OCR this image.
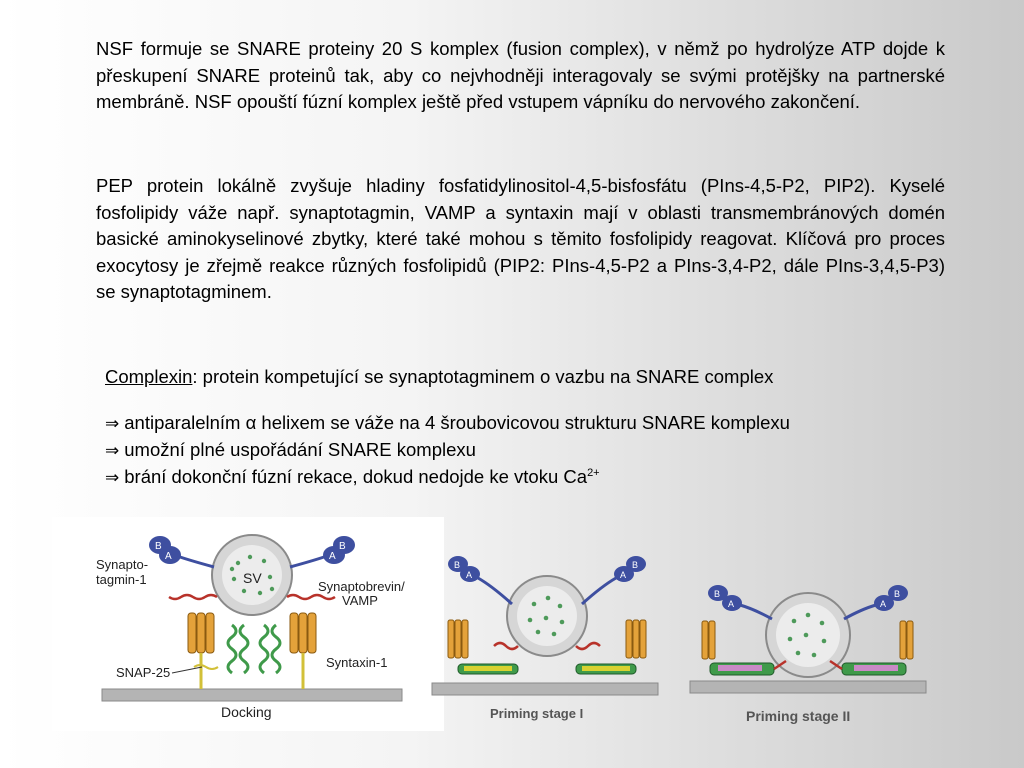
NSF formuje se SNARE proteiny 20 S komplex (fusion complex), v němž po hydrolýze ATP dojde k přeskupení SNARE proteinů tak, aby co nejvhodněji interagovaly se svými protějšky na partnerské membráně. NSF opouští fúzní komplex ještě před vstupem vápníku do nervového zakončení.
PEP protein lokálně zvyšuje hladiny fosfatidylinositol-4,5-bisfosfátu (PIns-4,5-P2, PIP2). Kyselé fosfolipidy váže např. synaptotagmin, VAMP a syntaxin mají v oblasti transmembránových domén basické aminokyselinové zbytky, které také mohou s těmito fosfolipidy reagovat. Klíčová pro proces exocytosy je zřejmě reakce různých fosfolipidů (PIP2: PIns-4,5-P2 a PIns-3,4-P2, dále PIns-3,4,5-P3) se synaptotagminem.
Complexin: protein kompetující se synaptotagminem o vazbu na SNARE complex
⇒ antiparalelním α helixem se váže na 4 šroubovicovou strukturu SNARE komplexu
⇒ umožní plné uspořádání SNARE komplexu
⇒ brání dokonční fúzní rekace, dokud nedojde ke vtoku $Ca^{2+}$
SV
A
B
A
B
Synapto-
tagmin-1	Synaptobrevin/
VAMP
SNAP-25
Syntaxin-1
Docking
A
B
A
B
Priming stage I
A
B
A
B
Priming stage II
